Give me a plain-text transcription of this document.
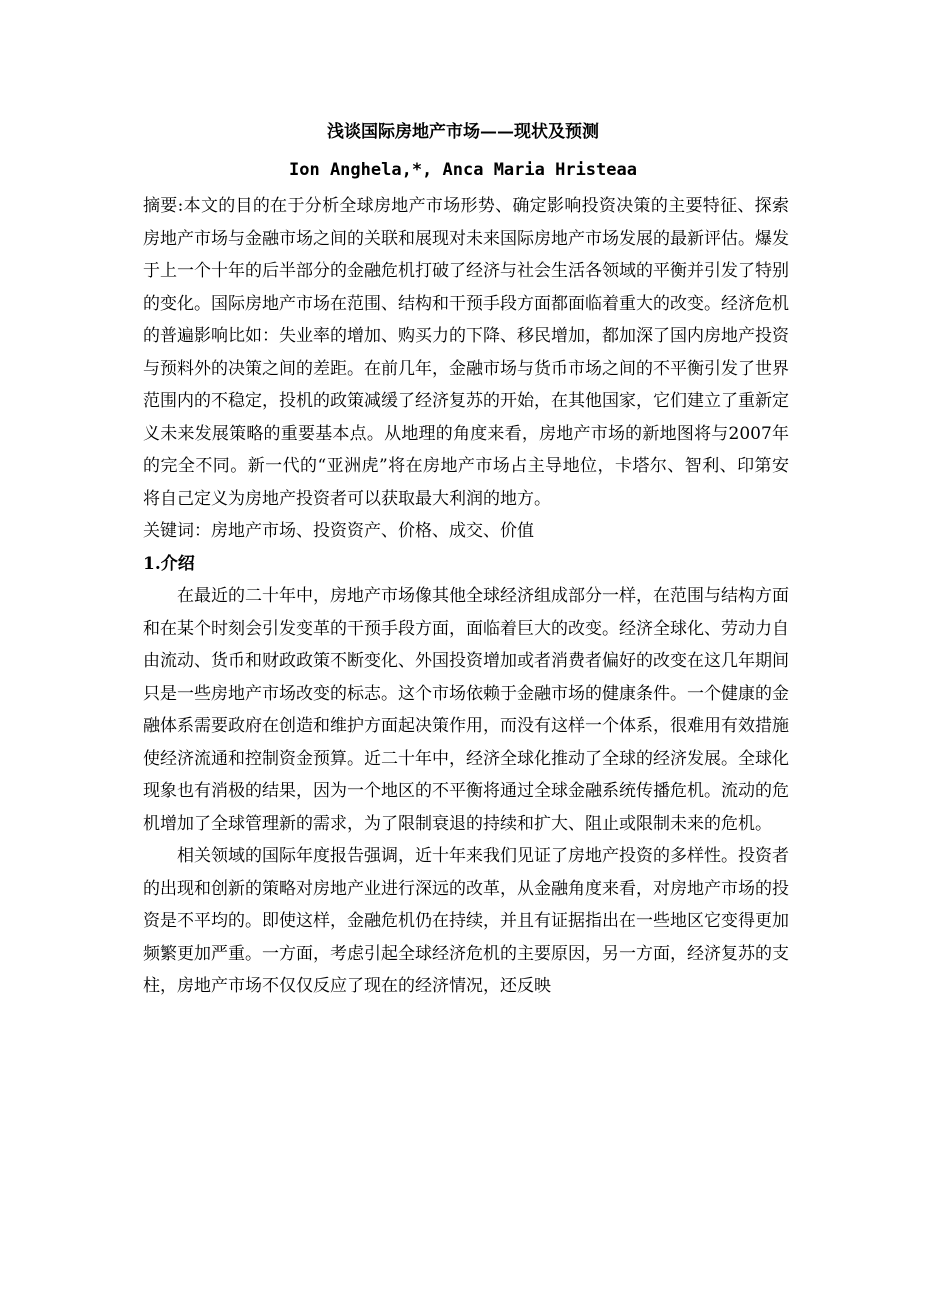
浅谈国际房地产市场——现状及预测
Ion Anghela,*, Anca Maria Hristeaa

摘要:本文的目的在于分析全球房地产市场形势、确定影响投资决策的主要特征、探索房地产市场与金融市场之间的关联和展现对未来国际房地产市场发展的最新评估。爆发于上一个十年的后半部分的金融危机打破了经济与社会生活各领域的平衡并引发了特别的变化。国际房地产市场在范围、结构和干预手段方面都面临着重大的改变。经济危机的普遍影响比如：失业率的增加、购买力的下降、移民增加，都加深了国内房地产投资与预料外的决策之间的差距。在前几年，金融市场与货币市场之间的不平衡引发了世界范围内的不稳定，投机的政策减缓了经济复苏的开始，在其他国家，它们建立了重新定义未来发展策略的重要基本点。从地理的角度来看，房地产市场的新地图将与2007年的完全不同。新一代的“亚洲虎”将在房地产市场占主导地位，卡塔尔、智利、印第安将自己定义为房地产投资者可以获取最大利润的地方。

关键词：房地产市场、投资资产、价格、成交、价值

1.介绍

在最近的二十年中，房地产市场像其他全球经济组成部分一样，在范围与结构方面和在某个时刻会引发变革的干预手段方面，面临着巨大的改变。经济全球化、劳动力自由流动、货币和财政政策不断变化、外国投资增加或者消费者偏好的改变在这几年期间只是一些房地产市场改变的标志。这个市场依赖于金融市场的健康条件。一个健康的金融体系需要政府在创造和维护方面起决策作用，而没有这样一个体系，很难用有效措施使经济流通和控制资金预算。近二十年中，经济全球化推动了全球的经济发展。全球化现象也有消极的结果，因为一个地区的不平衡将通过全球金融系统传播危机。流动的危机增加了全球管理新的需求，为了限制衰退的持续和扩大、阻止或限制未来的危机。

相关领域的国际年度报告强调，近十年来我们见证了房地产投资的多样性。投资者的出现和创新的策略对房地产业进行深远的改革，从金融角度来看，对房地产市场的投资是不平均的。即使这样，金融危机仍在持续，并且有证据指出在一些地区它变得更加频繁更加严重。一方面，考虑引起全球经济危机的主要原因，另一方面，经济复苏的支柱，房地产市场不仅仅反应了现在的经济情况，还反映
